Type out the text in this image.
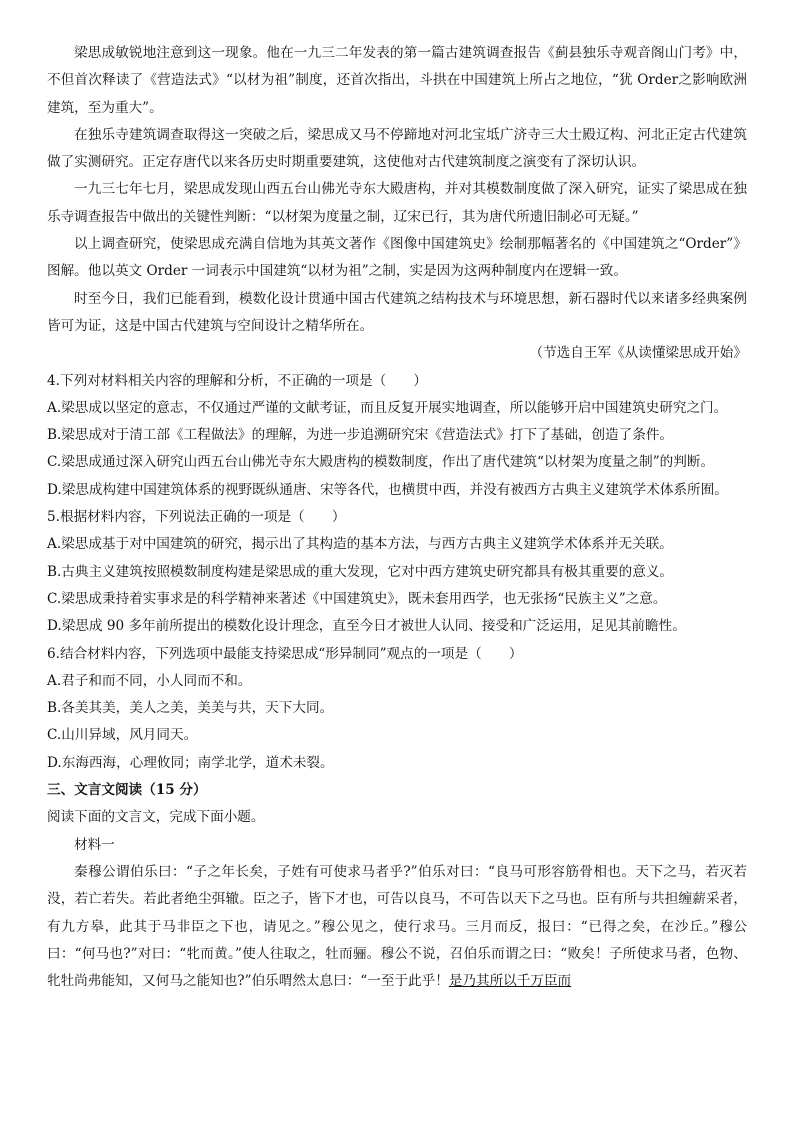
梁思成敏锐地注意到这一现象。他在一九三二年发表的第一篇古建筑调查报告《蓟县独乐寺观音阁山门考》中，不但首次释读了《营造法式》“以材为祖”制度，还首次指出，斗拱在中国建筑上所占之地位，“犹 Order之影响欧洲建筑，至为重大”。

在独乐寺建筑调查取得这一突破之后，梁思成又马不停蹄地对河北宝坻广济寺三大士殿辽构、河北正定古代建筑做了实测研究。正定存唐代以来各历史时期重要建筑，这使他对古代建筑制度之演变有了深切认识。

一九三七年七月，梁思成发现山西五台山佛光寺东大殿唐构，并对其模数制度做了深入研究，证实了梁思成在独乐寺调查报告中做出的关键性判断：“以材架为度量之制，辽宋已行，其为唐代所遗旧制必可无疑。”

以上调查研究，使梁思成充满自信地为其英文著作《图像中国建筑史》绘制那幅著名的《中国建筑之“Order”》图解。他以英文 Order 一词表示中国建筑“以材为祖”之制，实是因为这两种制度内在逻辑一致。

时至今日，我们已能看到，模数化设计贯通中国古代建筑之结构技术与环境思想，新石器时代以来诸多经典案例皆可为证，这是中国古代建筑与空间设计之精华所在。

（节选自王军《从读懂梁思成开始》

4.下列对材料相关内容的理解和分析，不正确的一项是（　　）

A.梁思成以坚定的意志，不仅通过严谨的文献考证，而且反复开展实地调查，所以能够开启中国建筑史研究之门。

B.梁思成对于清工部《工程做法》的理解，为进一步追溯研究宋《营造法式》打下了基础，创造了条件。

C.梁思成通过深入研究山西五台山佛光寺东大殿唐构的模数制度，作出了唐代建筑“以材架为度量之制”的判断。

D.梁思成构建中国建筑体系的视野既纵通唐、宋等各代，也横贯中西，并没有被西方古典主义建筑学术体系所囿。

5.根据材料内容，下列说法正确的一项是（　　）

A.梁思成基于对中国建筑的研究，揭示出了其构造的基本方法，与西方古典主义建筑学术体系并无关联。

B.古典主义建筑按照模数制度构建是梁思成的重大发现，它对中西方建筑史研究都具有极其重要的意义。

C.梁思成秉持着实事求是的科学精神来著述《中国建筑史》，既未套用西学，也无张扬“民族主义”之意。

D.梁思成 90 多年前所提出的模数化设计理念，直至今日才被世人认同、接受和广泛运用，足见其前瞻性。

6.结合材料内容，下列选项中最能支持梁思成“形异制同”观点的一项是（　　）

A.君子和而不同，小人同而不和。

B.各美其美，美人之美，美美与共，天下大同。

C.山川异域，风月同天。

D.东海西海，心理攸同；南学北学，道术未裂。

三、文言文阅读（15 分）

阅读下面的文言文，完成下面小题。

材料一

秦穆公谓伯乐曰：“子之年长矣，子姓有可使求马者乎?”伯乐对曰：“良马可形容筋骨相也。天下之马，若灭若没，若亡若失。若此者绝尘弭辙。臣之子，皆下才也，可告以良马，不可告以天下之马也。臣有所与共担缠薪采者，有九方皋，此其于马非臣之下也，请见之。”穆公见之，使行求马。三月而反，报曰：“已得之矣，在沙丘。”穆公曰：“何马也?”对曰：“牝而黄。”使人往取之，牡而骊。穆公不说，召伯乐而谓之曰：“败矣！子所使求马者，色物、牝牡尚弗能知，又何马之能知也?”伯乐喟然太息曰：“一至于此乎！是乃其所以千万臣而
